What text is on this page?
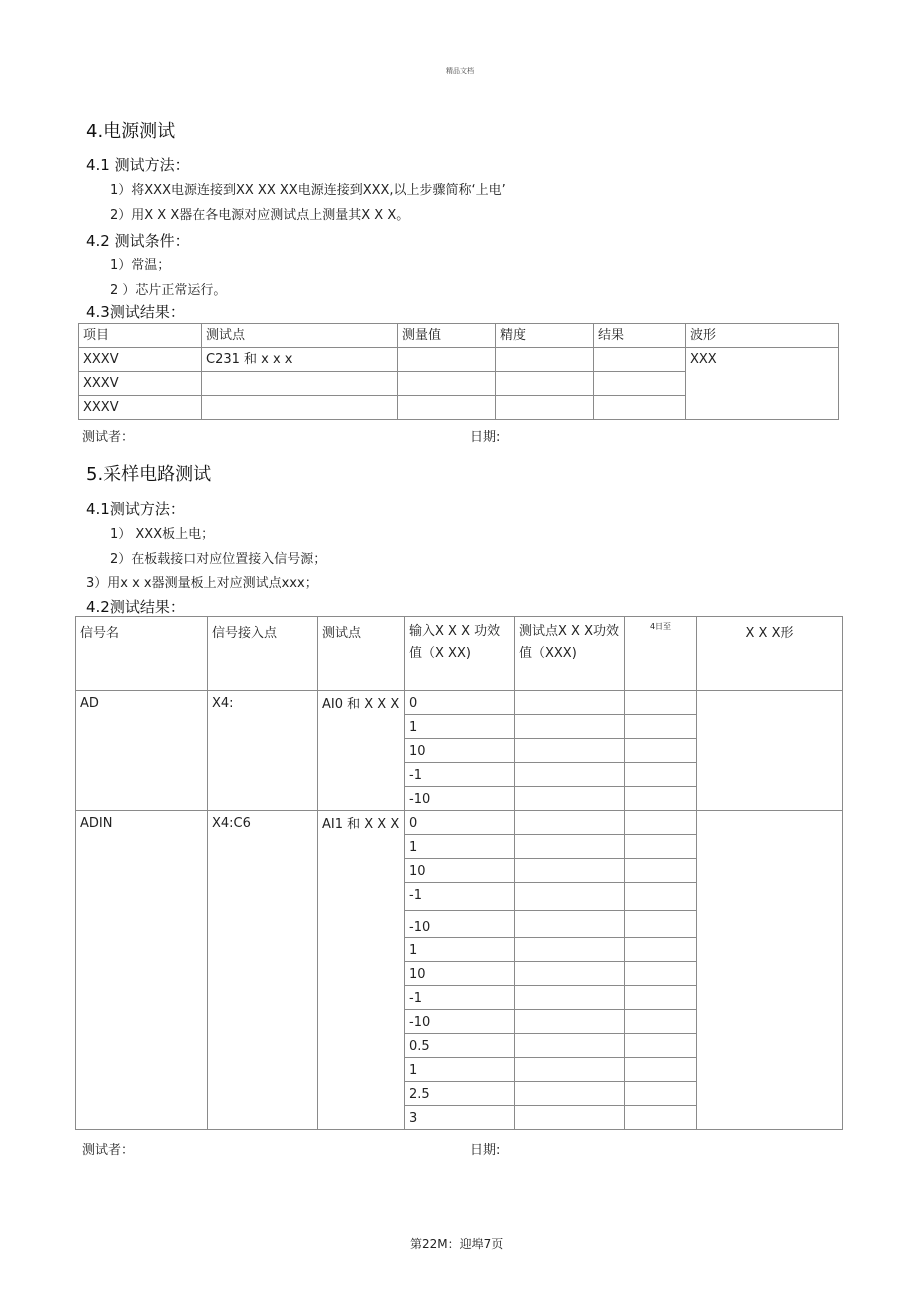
精品文档
4.电源测试
4.1 测试方法：
1）将XXX电源连接到XX XX XX电源连接到XXX,以上步骤简称‘上电’
2）用X X X器在各电源对应测试点上测量其X X X。
4.2 测试条件：
1）常温；
2 ）芯片正常运行。
4.3测试结果：
项目	测试点	测量值	精度	结果	波形
XXXV	C231 和 x x x				XXX
XXXV					
XXXV					
测试者：	日期:
5.采样电路测试
4.1测试方法：
1） XXX板上电；
2）在板载接口对应位置接入信号源；
3）用x x x器测量板上对应测试点xxx；
4.2测试结果：
信号名	信号接入点	测试点	输入X X X 功效值（X XX)	测试点X X X功效值（XXX)	4日至	X X X形
AD	X4:	AI0 和 X X X	0			
			1			
			10			
			-1			
			-10			
ADIN	X4:C6	AI1 和 X X X	0			
			1			
			10			
			-1			
			-10			
			1			
			10			
			-1			
			-10			
			0.5			
			1			
			2.5			
			3			
测试者：	日期:
第22M：迎埠7页
